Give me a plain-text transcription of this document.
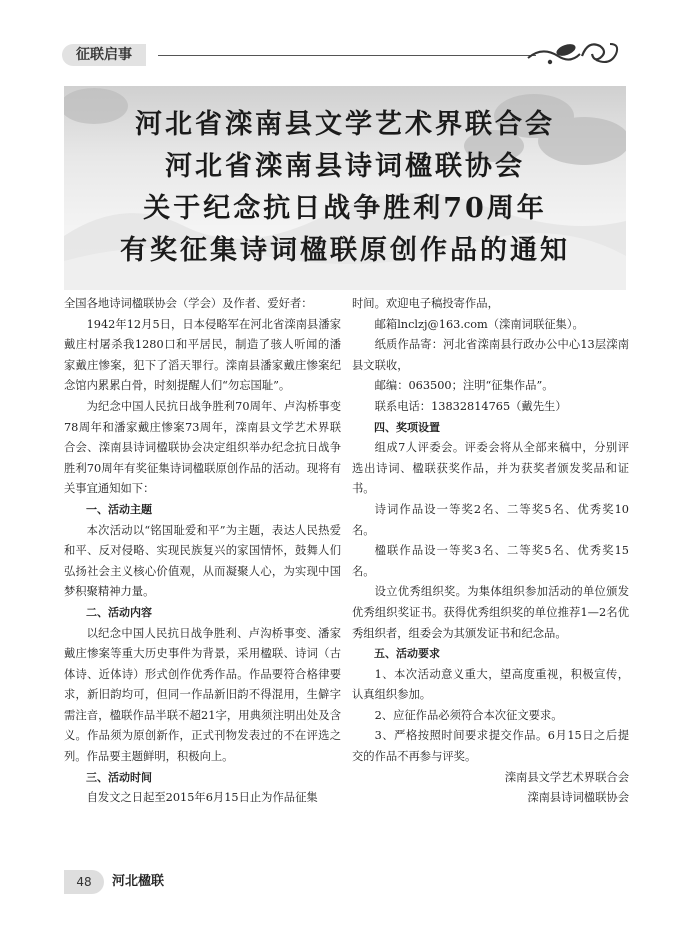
征联启事
河北省滦南县文学艺术界联合会
河北省滦南县诗词楹联协会
关于纪念抗日战争胜利70周年
有奖征集诗词楹联原创作品的通知

全国各地诗词楹联协会（学会）及作者、爱好者：

1942年12月5日，日本侵略军在河北省滦南县潘家戴庄村屠杀我1280口和平居民，制造了骇人听闻的潘家戴庄惨案，犯下了滔天罪行。滦南县潘家戴庄惨案纪念馆内累累白骨，时刻提醒人们“勿忘国耻”。

为纪念中国人民抗日战争胜利70周年、卢沟桥事变78周年和潘家戴庄惨案73周年，滦南县文学艺术界联合会、滦南县诗词楹联协会决定组织举办纪念抗日战争胜利70周年有奖征集诗词楹联原创作品的活动。现将有关事宜通知如下：

一、活动主题

本次活动以“铭国耻爱和平”为主题，表达人民热爱和平、反对侵略、实现民族复兴的家国情怀，鼓舞人们弘扬社会主义核心价值观，从而凝聚人心，为实现中国梦积聚精神力量。

二、活动内容

以纪念中国人民抗日战争胜利、卢沟桥事变、潘家戴庄惨案等重大历史事件为背景，采用楹联、诗词（古体诗、近体诗）形式创作优秀作品。作品要符合格律要求，新旧韵均可，但同一作品新旧韵不得混用，生僻字需注音，楹联作品半联不超21字，用典须注明出处及含义。作品须为原创新作，正式刊物发表过的不在评选之列。作品要主题鲜明，积极向上。

三、活动时间

自发文之日起至2015年6月15日止为作品征集

时间。欢迎电子稿投寄作品，

邮箱lnclzj@163.com（滦南词联征集）。

纸质作品寄：河北省滦南县行政办公中心13层滦南县文联收，

邮编：063500；注明“征集作品”。

联系电话：13832814765（戴先生）

四、奖项设置

组成7人评委会。评委会将从全部来稿中，分别评选出诗词、楹联获奖作品，并为获奖者颁发奖品和证书。

诗词作品设一等奖2名、二等奖5名、优秀奖10名。

楹联作品设一等奖3名、二等奖5名、优秀奖15名。

设立优秀组织奖。为集体组织参加活动的单位颁发优秀组织奖证书。获得优秀组织奖的单位推荐1—2名优秀组织者，组委会为其颁发证书和纪念品。

五、活动要求

1、本次活动意义重大，望高度重视，积极宣传，认真组织参加。

2、应征作品必须符合本次征文要求。

3、严格按照时间要求提交作品。6月15日之后提交的作品不再参与评奖。

滦南县文学艺术界联合会

滦南县诗词楹联协会

48	河北楹联
